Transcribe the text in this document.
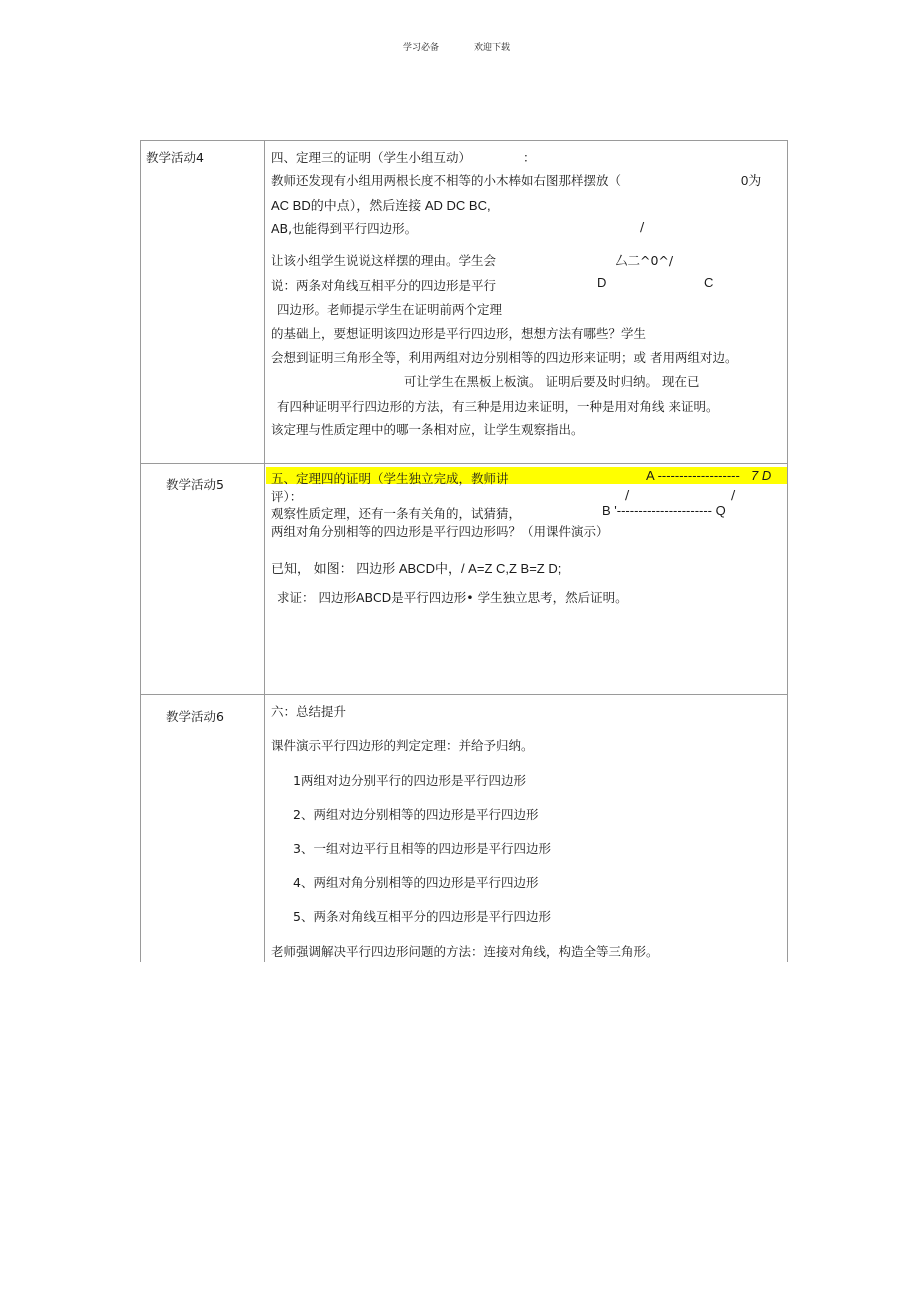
学习必备	欢迎下载
教学活动4	四、定理三的证明（学生小组互动）	：
教师还发现有小组用两根长度不相等的小木棒如右图那样摆放（	0为
AC BD的中点），然后连接 AD DC BC,
AB,也能得到平行四边形。	/
让该小组学生说说这样摆的理由。学生会	厶二^0^/
说：两条对角线互相平分的四边形是平行	D	C
四边形。老师提示学生在证明前两个定理
的基础上，要想证明该四边形是平行四边形，想想方法有哪些？学生
会想到证明三角形全等，利用两组对边分别相等的四边形来证明；或 者用两组对边。
可让学生在黑板上板演。 证明后要及时归纳。 现在已
有四种证明平行四边形的方法，有三种是用边来证明，一种是用对角线 来证明。
该定理与性质定理中的哪一条相对应，让学生观察指出。
教学活动5	五、定理四的证明（学生独立完成，教师讲	A ------------------- 7 D
评）：	/	/
观察性质定理，还有一条有关角的，试猜猜，	B '---------------------- Q
两组对角分别相等的四边形是平行四边形吗？（用课件演示）
已知， 如图： 四边形 ABCD中，/ A=Z C,Z B=Z D;
求证： 四边形ABCD是平行四边形• 学生独立思考，然后证明。
教学活动6	六：总结提升
课件演示平行四边形的判定定理：并给予归纳。
1两组对边分别平行的四边形是平行四边形
2、两组对边分别相等的四边形是平行四边形
3、一组对边平行且相等的四边形是平行四边形
4、两组对角分别相等的四边形是平行四边形
5、两条对角线互相平分的四边形是平行四边形
老师强调解决平行四边形问题的方法：连接对角线，构造全等三角形。
